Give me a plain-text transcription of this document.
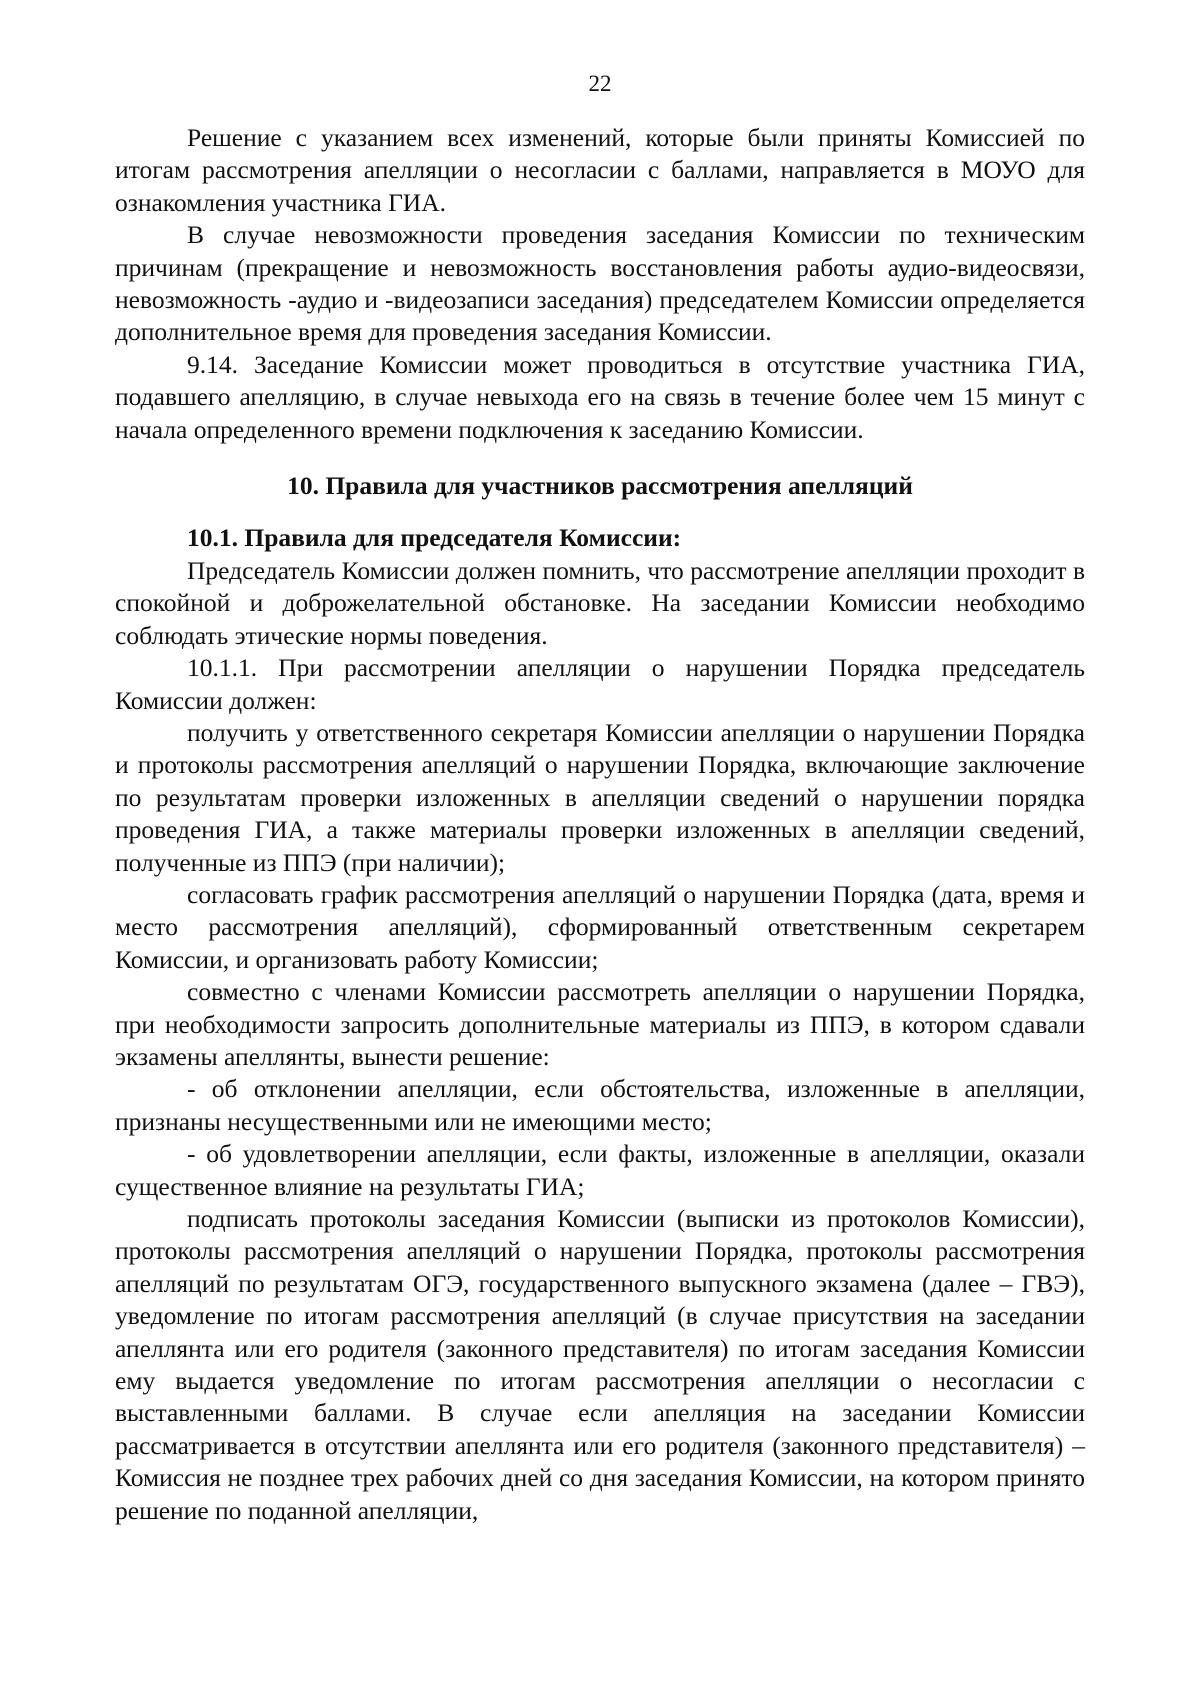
22

Решение с указанием всех изменений, которые были приняты Комиссией по итогам рассмотрения апелляции о несогласии с баллами, направляется в МОУО для ознакомления участника ГИА.

В случае невозможности проведения заседания Комиссии по техническим причинам (прекращение и невозможность восстановления работы аудио-видеосвязи, невозможность -аудио и -видеозаписи заседания) председателем Комиссии определяется дополнительное время для проведения заседания Комиссии.

9.14. Заседание Комиссии может проводиться в отсутствие участника ГИА, подавшего апелляцию, в случае невыхода его на связь в течение более чем 15 минут с начала определенного времени подключения к заседанию Комиссии.

10. Правила для участников рассмотрения апелляций

10.1. Правила для председателя Комиссии:

Председатель Комиссии должен помнить, что рассмотрение апелляции проходит в спокойной и доброжелательной обстановке. На заседании Комиссии необходимо соблюдать этические нормы поведения.

10.1.1. При рассмотрении апелляции о нарушении Порядка председатель Комиссии должен:

получить у ответственного секретаря Комиссии апелляции о нарушении Порядка и протоколы рассмотрения апелляций о нарушении Порядка, включающие заключение по результатам проверки изложенных в апелляции сведений о нарушении порядка проведения ГИА, а также материалы проверки изложенных в апелляции сведений, полученные из ППЭ (при наличии);

согласовать график рассмотрения апелляций о нарушении Порядка (дата, время и место рассмотрения апелляций), сформированный ответственным секретарем Комиссии, и организовать работу Комиссии;

совместно с членами Комиссии рассмотреть апелляции о нарушении Порядка, при необходимости запросить дополнительные материалы из ППЭ, в котором сдавали экзамены апеллянты, вынести решение:

- об отклонении апелляции, если обстоятельства, изложенные в апелляции, признаны несущественными или не имеющими место;

- об удовлетворении апелляции, если факты, изложенные в апелляции, оказали существенное влияние на результаты ГИА;

подписать протоколы заседания Комиссии (выписки из протоколов Комиссии), протоколы рассмотрения апелляций о нарушении Порядка, протоколы рассмотрения апелляций по результатам ОГЭ, государственного выпускного экзамена (далее – ГВЭ), уведомление по итогам рассмотрения апелляций (в случае присутствия на заседании апеллянта или его родителя (законного представителя) по итогам заседания Комиссии ему выдается уведомление по итогам рассмотрения апелляции о несогласии с выставленными баллами. В случае если апелляция на заседании Комиссии рассматривается в отсутствии апеллянта или его родителя (законного представителя) – Комиссия не позднее трех рабочих дней со дня заседания Комиссии, на котором принято решение по поданной апелляции,
